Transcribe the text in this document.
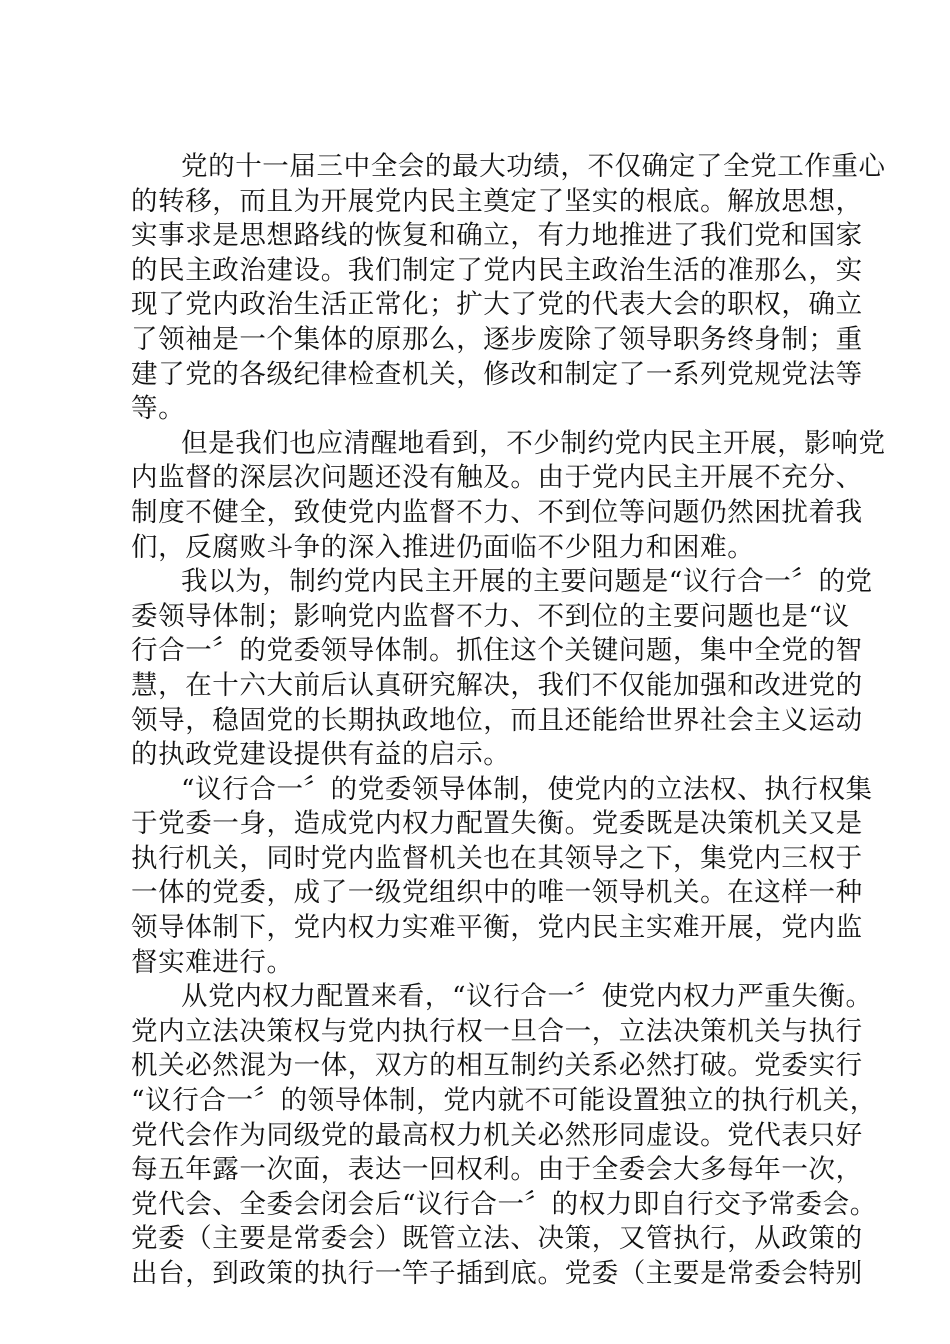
党的十一届三中全会的最大功绩，不仅确定了全党工作重心
的转移，而且为开展党内民主奠定了坚实的根底。解放思想，
实事求是思想路线的恢复和确立，有力地推进了我们党和国家
的民主政治建设。我们制定了党内民主政治生活的准那么，实
现了党内政治生活正常化；扩大了党的代表大会的职权，确立
了领袖是一个集体的原那么，逐步废除了领导职务终身制；重
建了党的各级纪律检查机关，修改和制定了一系列党规党法等
等。
但是我们也应清醒地看到，不少制约党内民主开展，影响党
内监督的深层次问题还没有触及。由于党内民主开展不充分、
制度不健全，致使党内监督不力、不到位等问题仍然困扰着我
们，反腐败斗争的深入推进仍面临不少阻力和困难。
我以为，制约党内民主开展的主要问题是“议行合一〞的党
委领导体制；影响党内监督不力、不到位的主要问题也是“议
行合一〞的党委领导体制。抓住这个关键问题，集中全党的智
慧，在十六大前后认真研究解决，我们不仅能加强和改进党的
领导，稳固党的长期执政地位，而且还能给世界社会主义运动
的执政党建设提供有益的启示。
“议行合一〞的党委领导体制，使党内的立法权、执行权集
于党委一身，造成党内权力配置失衡。党委既是决策机关又是
执行机关，同时党内监督机关也在其领导之下，集党内三权于
一体的党委，成了一级党组织中的唯一领导机关。在这样一种
领导体制下，党内权力实难平衡，党内民主实难开展，党内监
督实难进行。
从党内权力配置来看，“议行合一〞使党内权力严重失衡。
党内立法决策权与党内执行权一旦合一，立法决策机关与执行
机关必然混为一体，双方的相互制约关系必然打破。党委实行
“议行合一〞的领导体制，党内就不可能设置独立的执行机关，
党代会作为同级党的最高权力机关必然形同虚设。党代表只好
每五年露一次面，表达一回权利。由于全委会大多每年一次，
党代会、全委会闭会后“议行合一〞的权力即自行交予常委会。
党委（主要是常委会）既管立法、决策，又管执行，从政策的
出台，到政策的执行一竿子插到底。党委（主要是常委会特别
